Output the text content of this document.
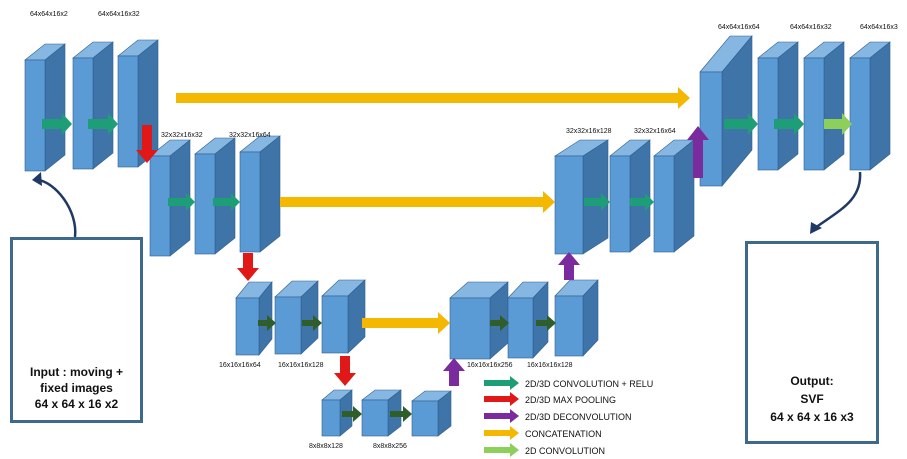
64x64x16x2	64x64x16x32
32x32x16x32	32x32x16x64
16x16x16x64 16x16x16x128
8x8x8x128	8x8x8x256
16x16x16x256 16x16x16x128
32x32x16x128	32x32x16x64
64x64x16x64	64x64x16x32	64x64x16x3
2D/3D CONVOLUTION + RELU
2D/3D MAX POOLING
2D/3D DECONVOLUTION
CONCATENATION
2D CONVOLUTION
Input : moving +
fixed images
64 x 64 x 16 x2
Output:
SVF
64 x 64 x 16 x3
